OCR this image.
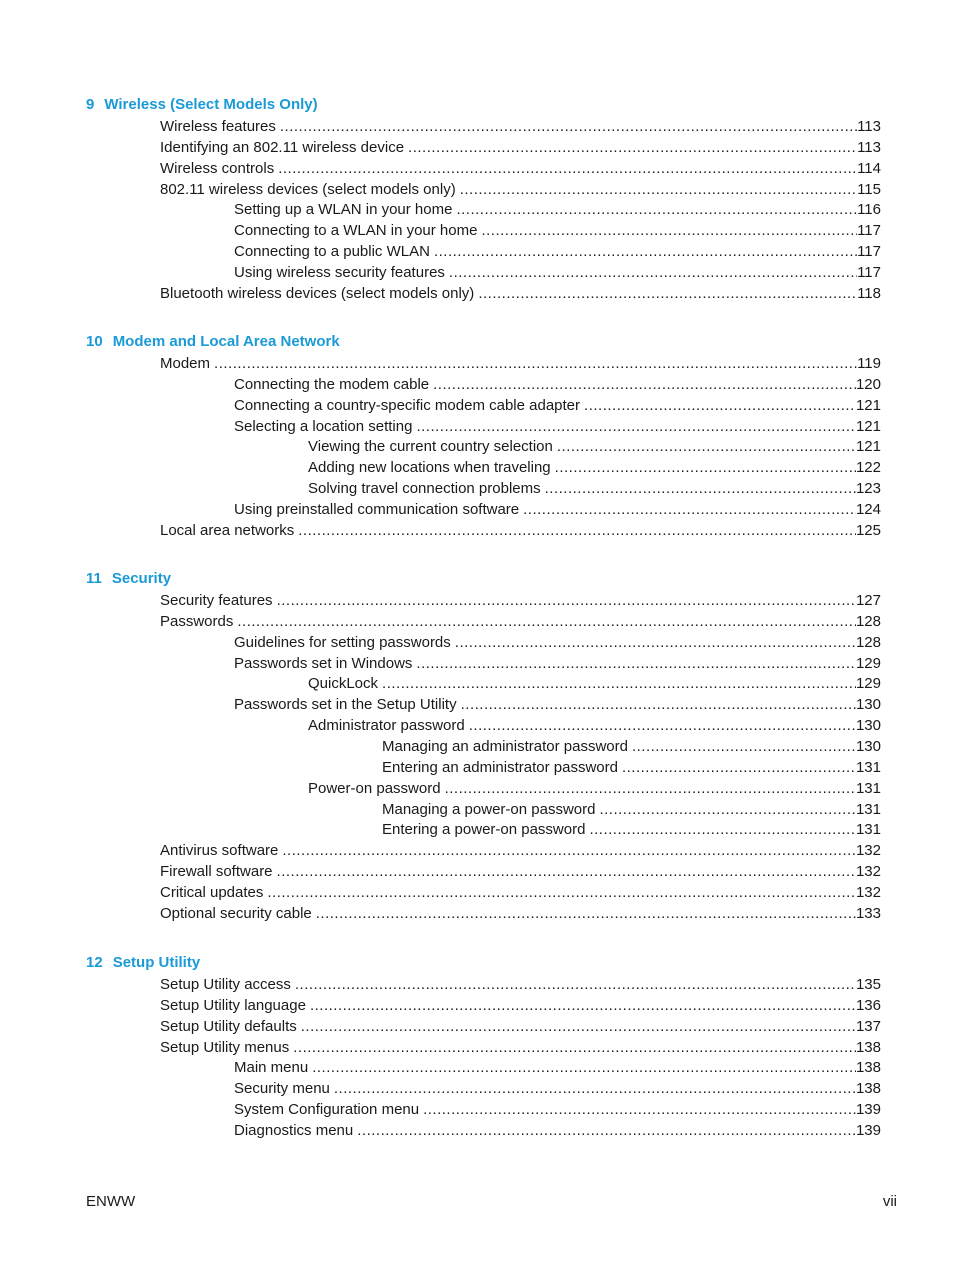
9 Wireless (Select Models Only)
Wireless features .....	113
Identifying an 802.11 wireless device .....	113
Wireless controls .....	114
802.11 wireless devices (select models only) .....	115
Setting up a WLAN in your home .....	116
Connecting to a WLAN in your home .....	117
Connecting to a public WLAN .....	117
Using wireless security features .....	117
Bluetooth wireless devices (select models only) .....	118
10 Modem and Local Area Network
Modem .....	119
Connecting the modem cable .....	120
Connecting a country-specific modem cable adapter .....	121
Selecting a location setting .....	121
Viewing the current country selection .....	121
Adding new locations when traveling .....	122
Solving travel connection problems .....	123
Using preinstalled communication software .....	124
Local area networks .....	125
11 Security
Security features .....	127
Passwords .....	128
Guidelines for setting passwords .....	128
Passwords set in Windows .....	129
QuickLock .....	129
Passwords set in the Setup Utility .....	130
Administrator password .....	130
Managing an administrator password .....	130
Entering an administrator password .....	131
Power-on password .....	131
Managing a power-on password .....	131
Entering a power-on password .....	131
Antivirus software .....	132
Firewall software .....	132
Critical updates .....	132
Optional security cable .....	133
12 Setup Utility
Setup Utility access .....	135
Setup Utility language .....	136
Setup Utility defaults .....	137
Setup Utility menus .....	138
Main menu .....	138
Security menu .....	138
System Configuration menu .....	139
Diagnostics menu .....	139
ENWW	vii
